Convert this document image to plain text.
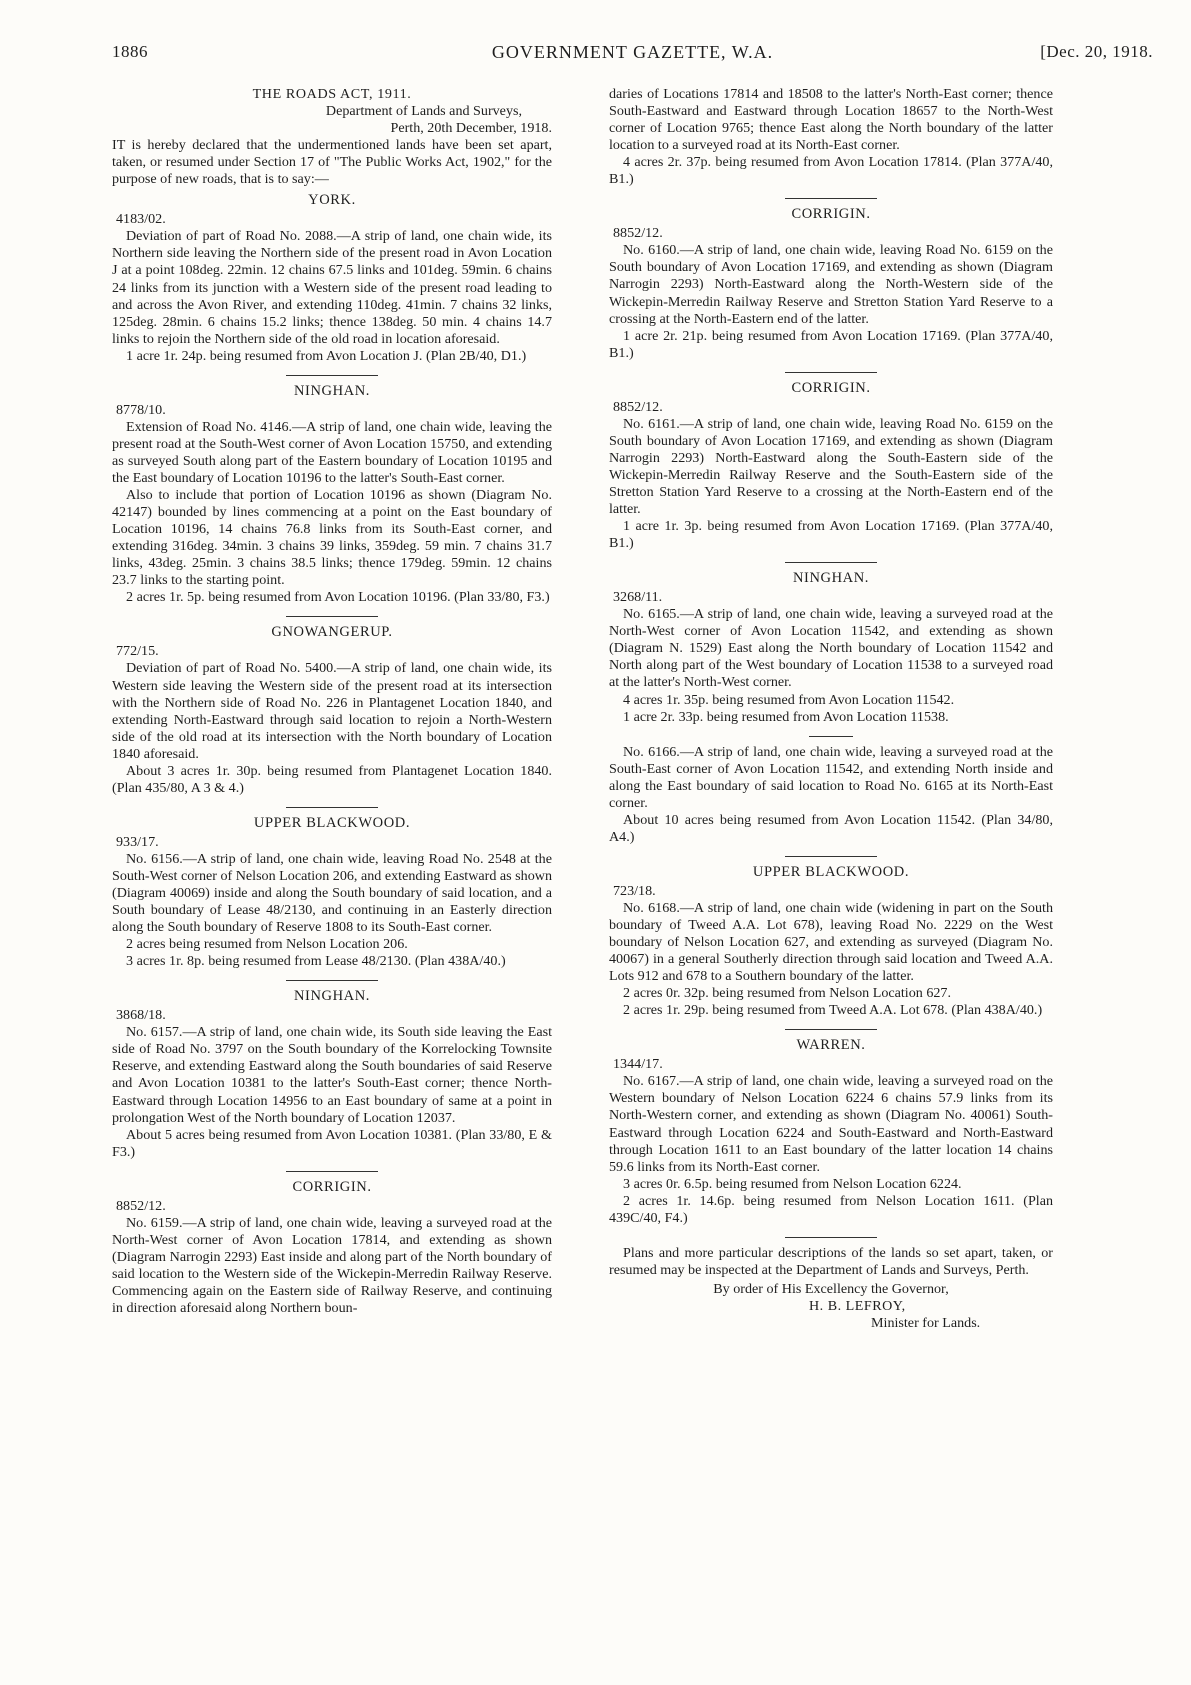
1886	GOVERNMENT GAZETTE, W.A.	[Dec. 20, 1918.

THE ROADS ACT, 1911.

Department of Lands and Surveys,

Perth, 20th December, 1918.

IT is hereby declared that the undermentioned lands have been set apart, taken, or resumed under Section 17 of "The Public Works Act, 1902," for the purpose of new roads, that is to say:—

YORK.

4183/02.

Deviation of part of Road No. 2088.—A strip of land, one chain wide, its Northern side leaving the Northern side of the present road in Avon Location J at a point 108deg. 22min. 12 chains 67.5 links and 101deg. 59min. 6 chains 24 links from its junction with a Western side of the present road leading to and across the Avon River, and extending 110deg. 41min. 7 chains 32 links, 125deg. 28min. 6 chains 15.2 links; thence 138deg. 50 min. 4 chains 14.7 links to rejoin the Northern side of the old road in location aforesaid.

1 acre 1r. 24p. being resumed from Avon Location J. (Plan 2B/40, D1.)

NINGHAN.

8778/10.

Extension of Road No. 4146.—A strip of land, one chain wide, leaving the present road at the South-West corner of Avon Location 15750, and extending as surveyed South along part of the Eastern boundary of Location 10195 and the East boundary of Location 10196 to the latter's South-East corner.

Also to include that portion of Location 10196 as shown (Diagram No. 42147) bounded by lines commencing at a point on the East boundary of Location 10196, 14 chains 76.8 links from its South-East corner, and extending 316deg. 34min. 3 chains 39 links, 359deg. 59 min. 7 chains 31.7 links, 43deg. 25min. 3 chains 38.5 links; thence 179deg. 59min. 12 chains 23.7 links to the starting point.

2 acres 1r. 5p. being resumed from Avon Location 10196. (Plan 33/80, F3.)

GNOWANGERUP.

772/15.

Deviation of part of Road No. 5400.—A strip of land, one chain wide, its Western side leaving the Western side of the present road at its intersection with the Northern side of Road No. 226 in Plantagenet Location 1840, and extending North-Eastward through said location to rejoin a North-Western side of the old road at its intersection with the North boundary of Location 1840 aforesaid.

About 3 acres 1r. 30p. being resumed from Plantagenet Location 1840. (Plan 435/80, A 3 & 4.)

UPPER BLACKWOOD.

933/17.

No. 6156.—A strip of land, one chain wide, leaving Road No. 2548 at the South-West corner of Nelson Location 206, and extending Eastward as shown (Diagram 40069) inside and along the South boundary of said location, and a South boundary of Lease 48/2130, and continuing in an Easterly direction along the South boundary of Reserve 1808 to its South-East corner.

2 acres being resumed from Nelson Location 206.

3 acres 1r. 8p. being resumed from Lease 48/2130. (Plan 438A/40.)

NINGHAN.

3868/18.

No. 6157.—A strip of land, one chain wide, its South side leaving the East side of Road No. 3797 on the South boundary of the Korrelocking Townsite Reserve, and extending Eastward along the South boundaries of said Reserve and Avon Location 10381 to the latter's South-East corner; thence North-Eastward through Location 14956 to an East boundary of same at a point in prolongation West of the North boundary of Location 12037.

About 5 acres being resumed from Avon Location 10381. (Plan 33/80, E & F3.)

CORRIGIN.

8852/12.

No. 6159.—A strip of land, one chain wide, leaving a surveyed road at the North-West corner of Avon Location 17814, and extending as shown (Diagram Narrogin 2293) East inside and along part of the North boundary of said location to the Western side of the Wickepin-Merredin Railway Reserve. Commencing again on the Eastern side of Railway Reserve, and continuing in direction aforesaid along Northern boun-

daries of Locations 17814 and 18508 to the latter's North-East corner; thence South-Eastward and Eastward through Location 18657 to the North-West corner of Location 9765; thence East along the North boundary of the latter location to a surveyed road at its North-East corner.

4 acres 2r. 37p. being resumed from Avon Location 17814. (Plan 377A/40, B1.)

CORRIGIN.

8852/12.

No. 6160.—A strip of land, one chain wide, leaving Road No. 6159 on the South boundary of Avon Location 17169, and extending as shown (Diagram Narrogin 2293) North-Eastward along the North-Western side of the Wickepin-Merredin Railway Reserve and Stretton Station Yard Reserve to a crossing at the North-Eastern end of the latter.

1 acre 2r. 21p. being resumed from Avon Location 17169. (Plan 377A/40, B1.)

CORRIGIN.

8852/12.

No. 6161.—A strip of land, one chain wide, leaving Road No. 6159 on the South boundary of Avon Location 17169, and extending as shown (Diagram Narrogin 2293) North-Eastward along the South-Eastern side of the Wickepin-Merredin Railway Reserve and the South-Eastern side of the Stretton Station Yard Reserve to a crossing at the North-Eastern end of the latter.

1 acre 1r. 3p. being resumed from Avon Location 17169. (Plan 377A/40, B1.)

NINGHAN.

3268/11.

No. 6165.—A strip of land, one chain wide, leaving a surveyed road at the North-West corner of Avon Location 11542, and extending as shown (Diagram N. 1529) East along the North boundary of Location 11542 and North along part of the West boundary of Location 11538 to a surveyed road at the latter's North-West corner.

4 acres 1r. 35p. being resumed from Avon Location 11542.

1 acre 2r. 33p. being resumed from Avon Location 11538.

No. 6166.—A strip of land, one chain wide, leaving a surveyed road at the South-East corner of Avon Location 11542, and extending North inside and along the East boundary of said location to Road No. 6165 at its North-East corner.

About 10 acres being resumed from Avon Location 11542. (Plan 34/80, A4.)

UPPER BLACKWOOD.

723/18.

No. 6168.—A strip of land, one chain wide (widening in part on the South boundary of Tweed A.A. Lot 678), leaving Road No. 2229 on the West boundary of Nelson Location 627, and extending as surveyed (Diagram No. 40067) in a general Southerly direction through said location and Tweed A.A. Lots 912 and 678 to a Southern boundary of the latter.

2 acres 0r. 32p. being resumed from Nelson Location 627.

2 acres 1r. 29p. being resumed from Tweed A.A. Lot 678. (Plan 438A/40.)

WARREN.

1344/17.

No. 6167.—A strip of land, one chain wide, leaving a surveyed road on the Western boundary of Nelson Location 6224 6 chains 57.9 links from its North-Western corner, and extending as shown (Diagram No. 40061) South-Eastward through Location 6224 and South-Eastward and North-Eastward through Location 1611 to an East boundary of the latter location 14 chains 59.6 links from its North-East corner.

3 acres 0r. 6.5p. being resumed from Nelson Location 6224.

2 acres 1r. 14.6p. being resumed from Nelson Location 1611. (Plan 439C/40, F4.)

Plans and more particular descriptions of the lands so set apart, taken, or resumed may be inspected at the Department of Lands and Surveys, Perth.

By order of His Excellency the Governor,

H. B. LEFROY,

Minister for Lands.
